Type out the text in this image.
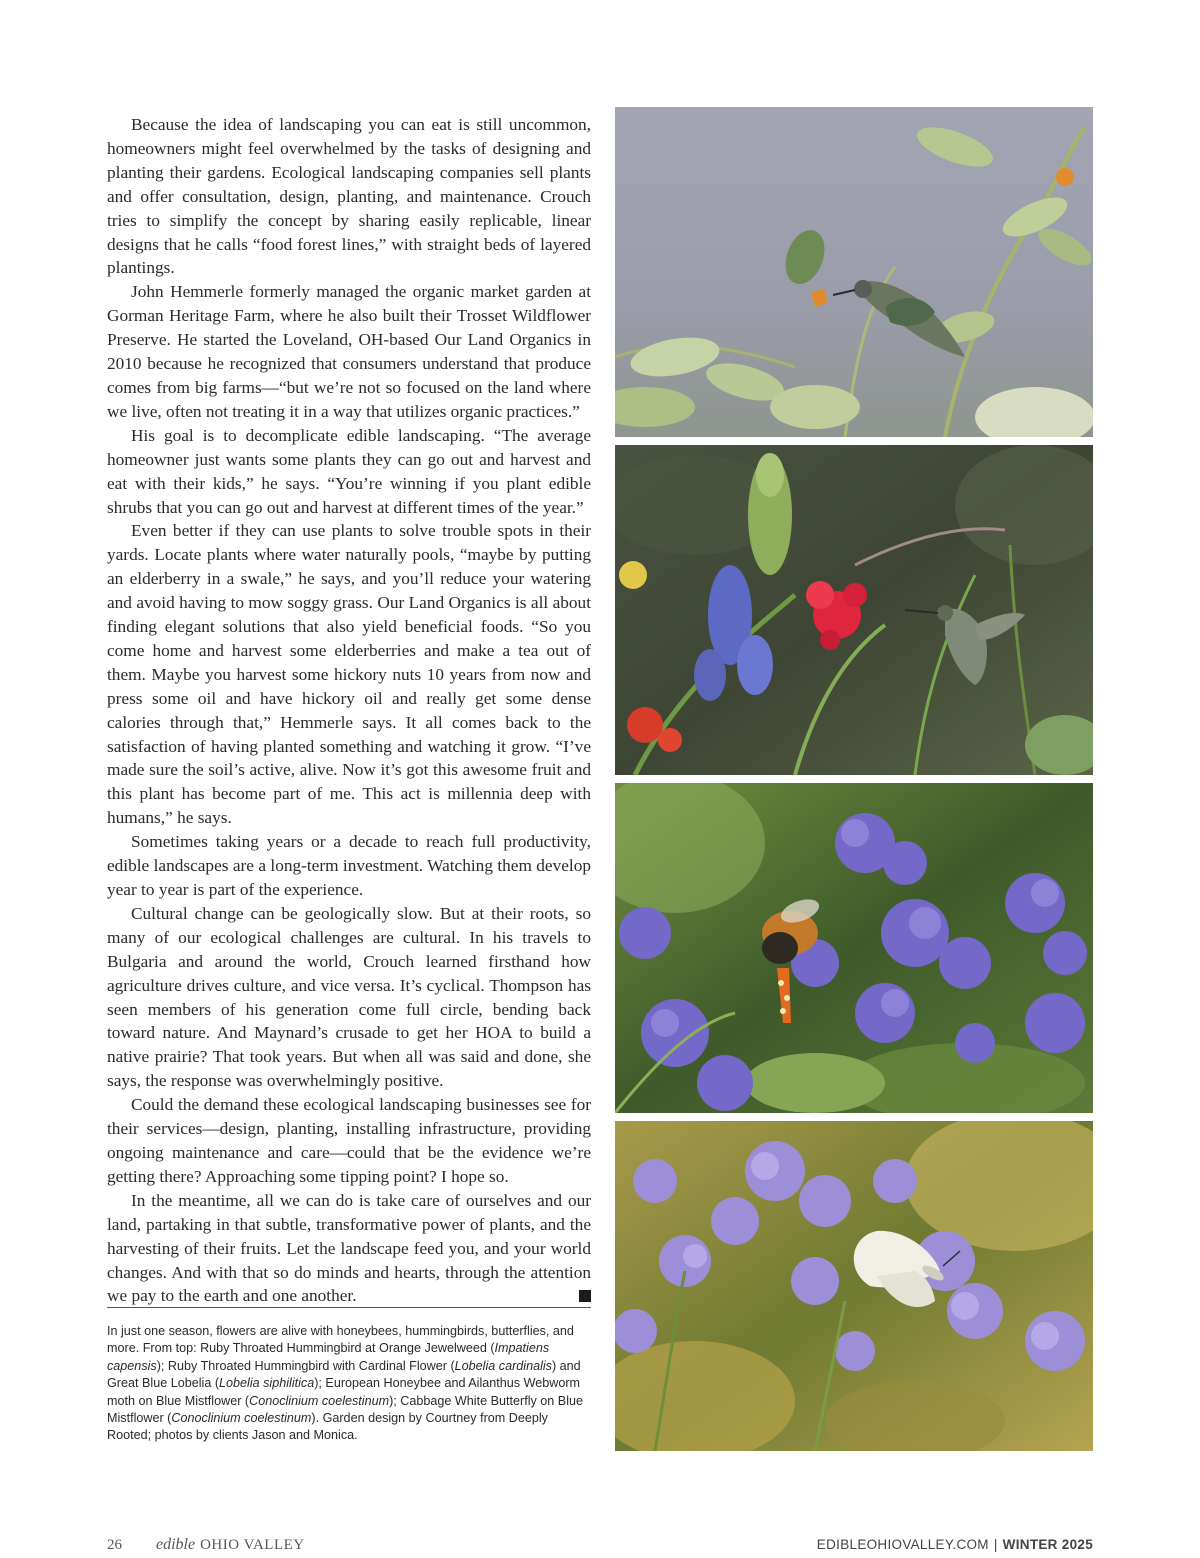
Because the idea of landscaping you can eat is still uncommon, homeowners might feel overwhelmed by the tasks of designing and planting their gardens. Ecological landscaping companies sell plants and offer consultation, design, planting, and maintenance. Crouch tries to simplify the concept by sharing easily replicable, linear designs that he calls “food forest lines,” with straight beds of layered plantings.

John Hemmerle formerly managed the organic market garden at Gorman Heritage Farm, where he also built their Trosset Wildflower Preserve. He started the Loveland, OH-based Our Land Organics in 2010 because he recognized that consumers understand that produce comes from big farms—“but we’re not so focused on the land where we live, often not treating it in a way that utilizes organic practices.”

His goal is to decomplicate edible landscaping. “The average homeowner just wants some plants they can go out and harvest and eat with their kids,” he says. “You’re winning if you plant edible shrubs that you can go out and harvest at different times of the year.”

Even better if they can use plants to solve trouble spots in their yards. Locate plants where water naturally pools, “maybe by putting an elderberry in a swale,” he says, and you’ll reduce your watering and avoid having to mow soggy grass. Our Land Organics is all about finding elegant solutions that also yield beneficial foods. “So you come home and harvest some elderberries and make a tea out of them. Maybe you harvest some hickory nuts 10 years from now and press some oil and have hickory oil and really get some dense calories through that,” Hemmerle says. It all comes back to the satisfaction of having planted something and watching it grow. “I’ve made sure the soil’s active, alive. Now it’s got this awesome fruit and this plant has become part of me. This act is millennia deep with humans,” he says.

Sometimes taking years or a decade to reach full productivity, edible landscapes are a long-term investment. Watching them develop year to year is part of the experience.

Cultural change can be geologically slow. But at their roots, so many of our ecological challenges are cultural. In his travels to Bulgaria and around the world, Crouch learned firsthand how agriculture drives culture, and vice versa. It’s cyclical. Thompson has seen members of his generation come full circle, bending back toward nature. And Maynard’s crusade to get her HOA to build a native prairie? That took years. But when all was said and done, she says, the response was overwhelmingly positive.

Could the demand these ecological landscaping businesses see for their services—design, planting, installing infrastructure, providing ongoing maintenance and care—could that be the evidence we’re getting there? Approaching some tipping point? I hope so.

In the meantime, all we can do is take care of ourselves and our land, partaking in that subtle, transformative power of plants, and the harvesting of their fruits. Let the landscape feed you, and your world changes. And with that so do minds and hearts, through the attention we pay to the earth and one another.

In just one season, flowers are alive with honeybees, hummingbirds, butterflies, and more. From top: Ruby Throated Hummingbird at Orange Jewelweed (Impatiens capensis); Ruby Throated Hummingbird with Cardinal Flower (Lobelia cardinalis) and Great Blue Lobelia (Lobelia siphilitica); European Honeybee and Ailanthus Webworm moth on Blue Mistflower (Conoclinium coelestinum); Cabbage White Butterfly on Blue Mistflower (Conoclinium coelestinum). Garden design by Courtney from Deeply Rooted; photos by clients Jason and Monica.
26 edible OHIO VALLEY	EDIBLEOHIOVALLEY.COM | WINTER 2025
